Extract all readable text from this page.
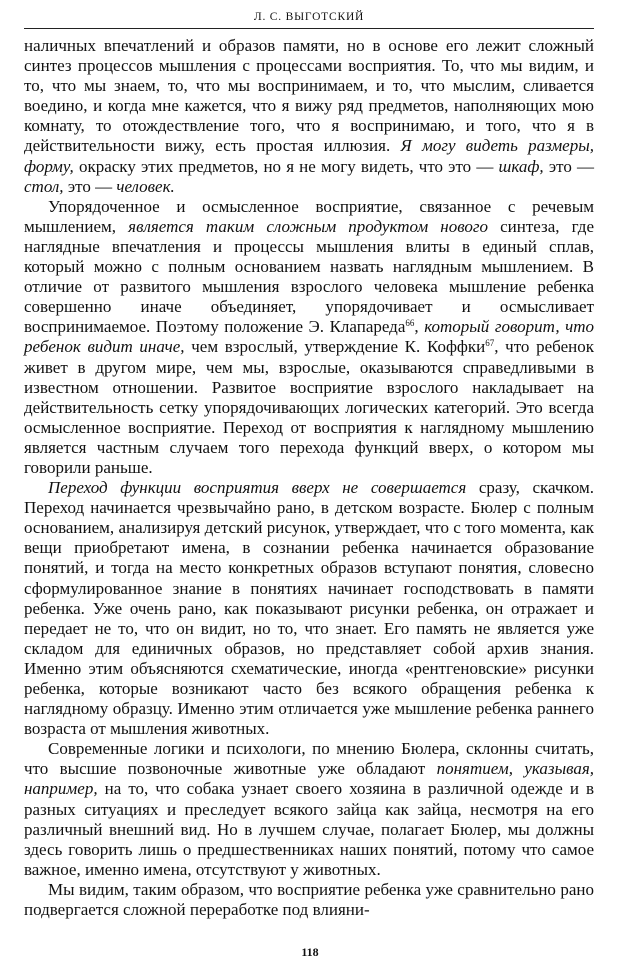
Л. С. ВЫГОТСКИЙ

наличных впечатлений и образов памяти, но в основе его лежит сложный синтез процессов мышления с процессами восприятия. То, что мы видим, и то, что мы знаем, то, что мы воспринимаем, и то, что мыслим, сливается воедино, и когда мне кажется, что я вижу ряд предметов, наполняющих мою комнату, то отождествление того, что я воспринимаю, и того, что я в действительности вижу, есть простая иллюзия. Я могу видеть размеры, форму, окраску этих предметов, но я не могу видеть, что это — шкаф, это — стол, это — человек.

Упорядоченное и осмысленное восприятие, связанное с речевым мышлением, является таким сложным продуктом нового синтеза, где наглядные впечатления и процессы мышления влиты в единый сплав, который можно с полным основанием назвать наглядным мышлением. В отличие от развитого мышления взрослого человека мышление ребенка совершенно иначе объединяет, упорядочивает и осмысливает воспринимаемое. Поэтому положение Э. Клапареда$^{66}$, который говорит, что ребенок видит иначе, чем взрослый, утверждение К. Коффки$^{67}$, что ребенок живет в другом мире, чем мы, взрослые, оказываются справедливыми в известном отношении. Развитое восприятие взрослого накладывает на действительность сетку упорядочивающих логических категорий. Это всегда осмысленное восприятие. Переход от восприятия к наглядному мышлению является частным случаем того перехода функций вверх, о котором мы говорили раньше.

Переход функции восприятия вверх не совершается сразу, скачком. Переход начинается чрезвычайно рано, в детском возрасте. Бюлер с полным основанием, анализируя детский рисунок, утверждает, что с того момента, как вещи приобретают имена, в сознании ребенка начинается образование понятий, и тогда на место конкретных образов вступают понятия, словесно сформулированное знание в понятиях начинает господствовать в памяти ребенка. Уже очень рано, как показывают рисунки ребенка, он отражает и передает не то, что он видит, но то, что знает. Его память не является уже складом для единичных образов, но представляет собой архив знания. Именно этим объясняются схематические, иногда «рентгеновские» рисунки ребенка, которые возникают часто без всякого обращения ребенка к наглядному образцу. Именно этим отличается уже мышление ребенка раннего возраста от мышления животных.

Современные логики и психологи, по мнению Бюлера, склонны считать, что высшие позвоночные животные уже обладают понятием, указывая, например, на то, что собака узнает своего хозяина в различной одежде и в разных ситуациях и преследует всякого зайца как зайца, несмотря на его различный внешний вид. Но в лучшем случае, полагает Бюлер, мы должны здесь говорить лишь о предшественниках наших понятий, потому что самое важное, именно имена, отсутствуют у животных.

Мы видим, таким образом, что восприятие ребенка уже сравнительно рано подвергается сложной переработке под влияни-

118
